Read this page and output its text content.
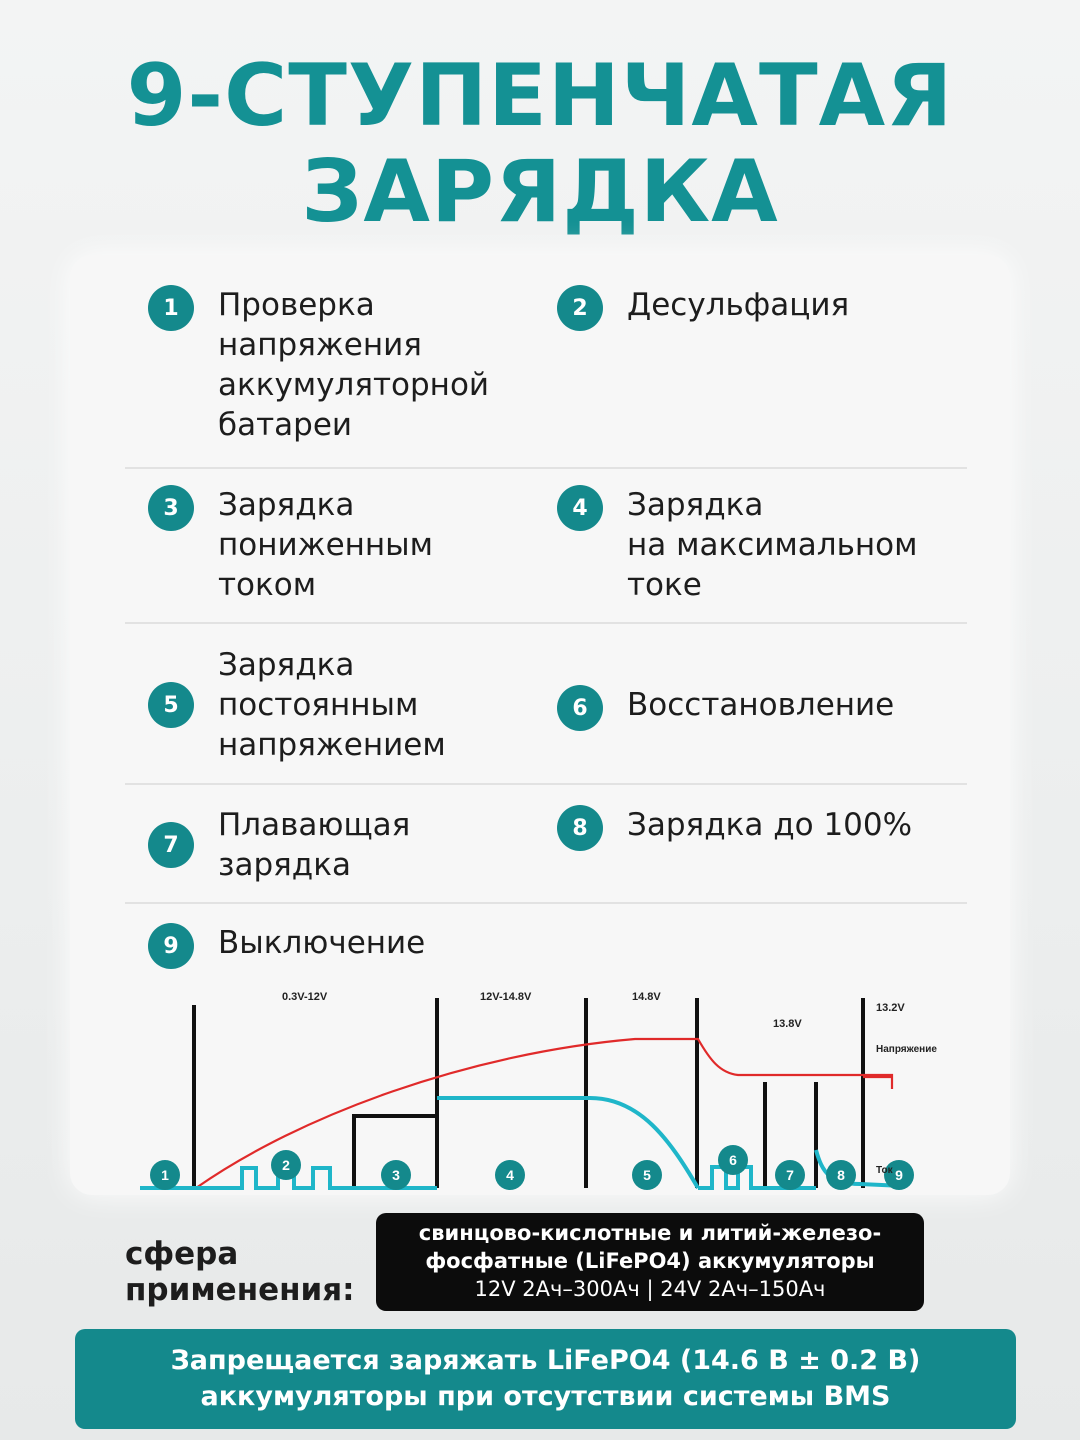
9-СТУПЕНЧАТАЯ
ЗАРЯДКА
1	Проверка
напряжения
аккумуляторной
батареи
2	Десульфация
3	Зарядка
пониженным
током
4	Зарядка
на максимальном
токе
5
Зарядка
постоянным
напряжением
6	Восстановление
7
Плавающая
зарядка
8	Зарядка до 100%
9	Выключение
1
2
3	4	5
6
7	8	9
0.3V-12V	12V-14.8V	14.8V
13.8V
13.2V
Напряжение
Ток
сфера
применения:
свинцово-кислотные и литий-железо-
фосфатные (LiFePO4) аккумуляторы
12V 2Ач–300Ач | 24V 2Ач–150Ач
Запрещается заряжать LiFePO4 (14.6 В ± 0.2 В)
аккумуляторы при отсутствии системы BMS
